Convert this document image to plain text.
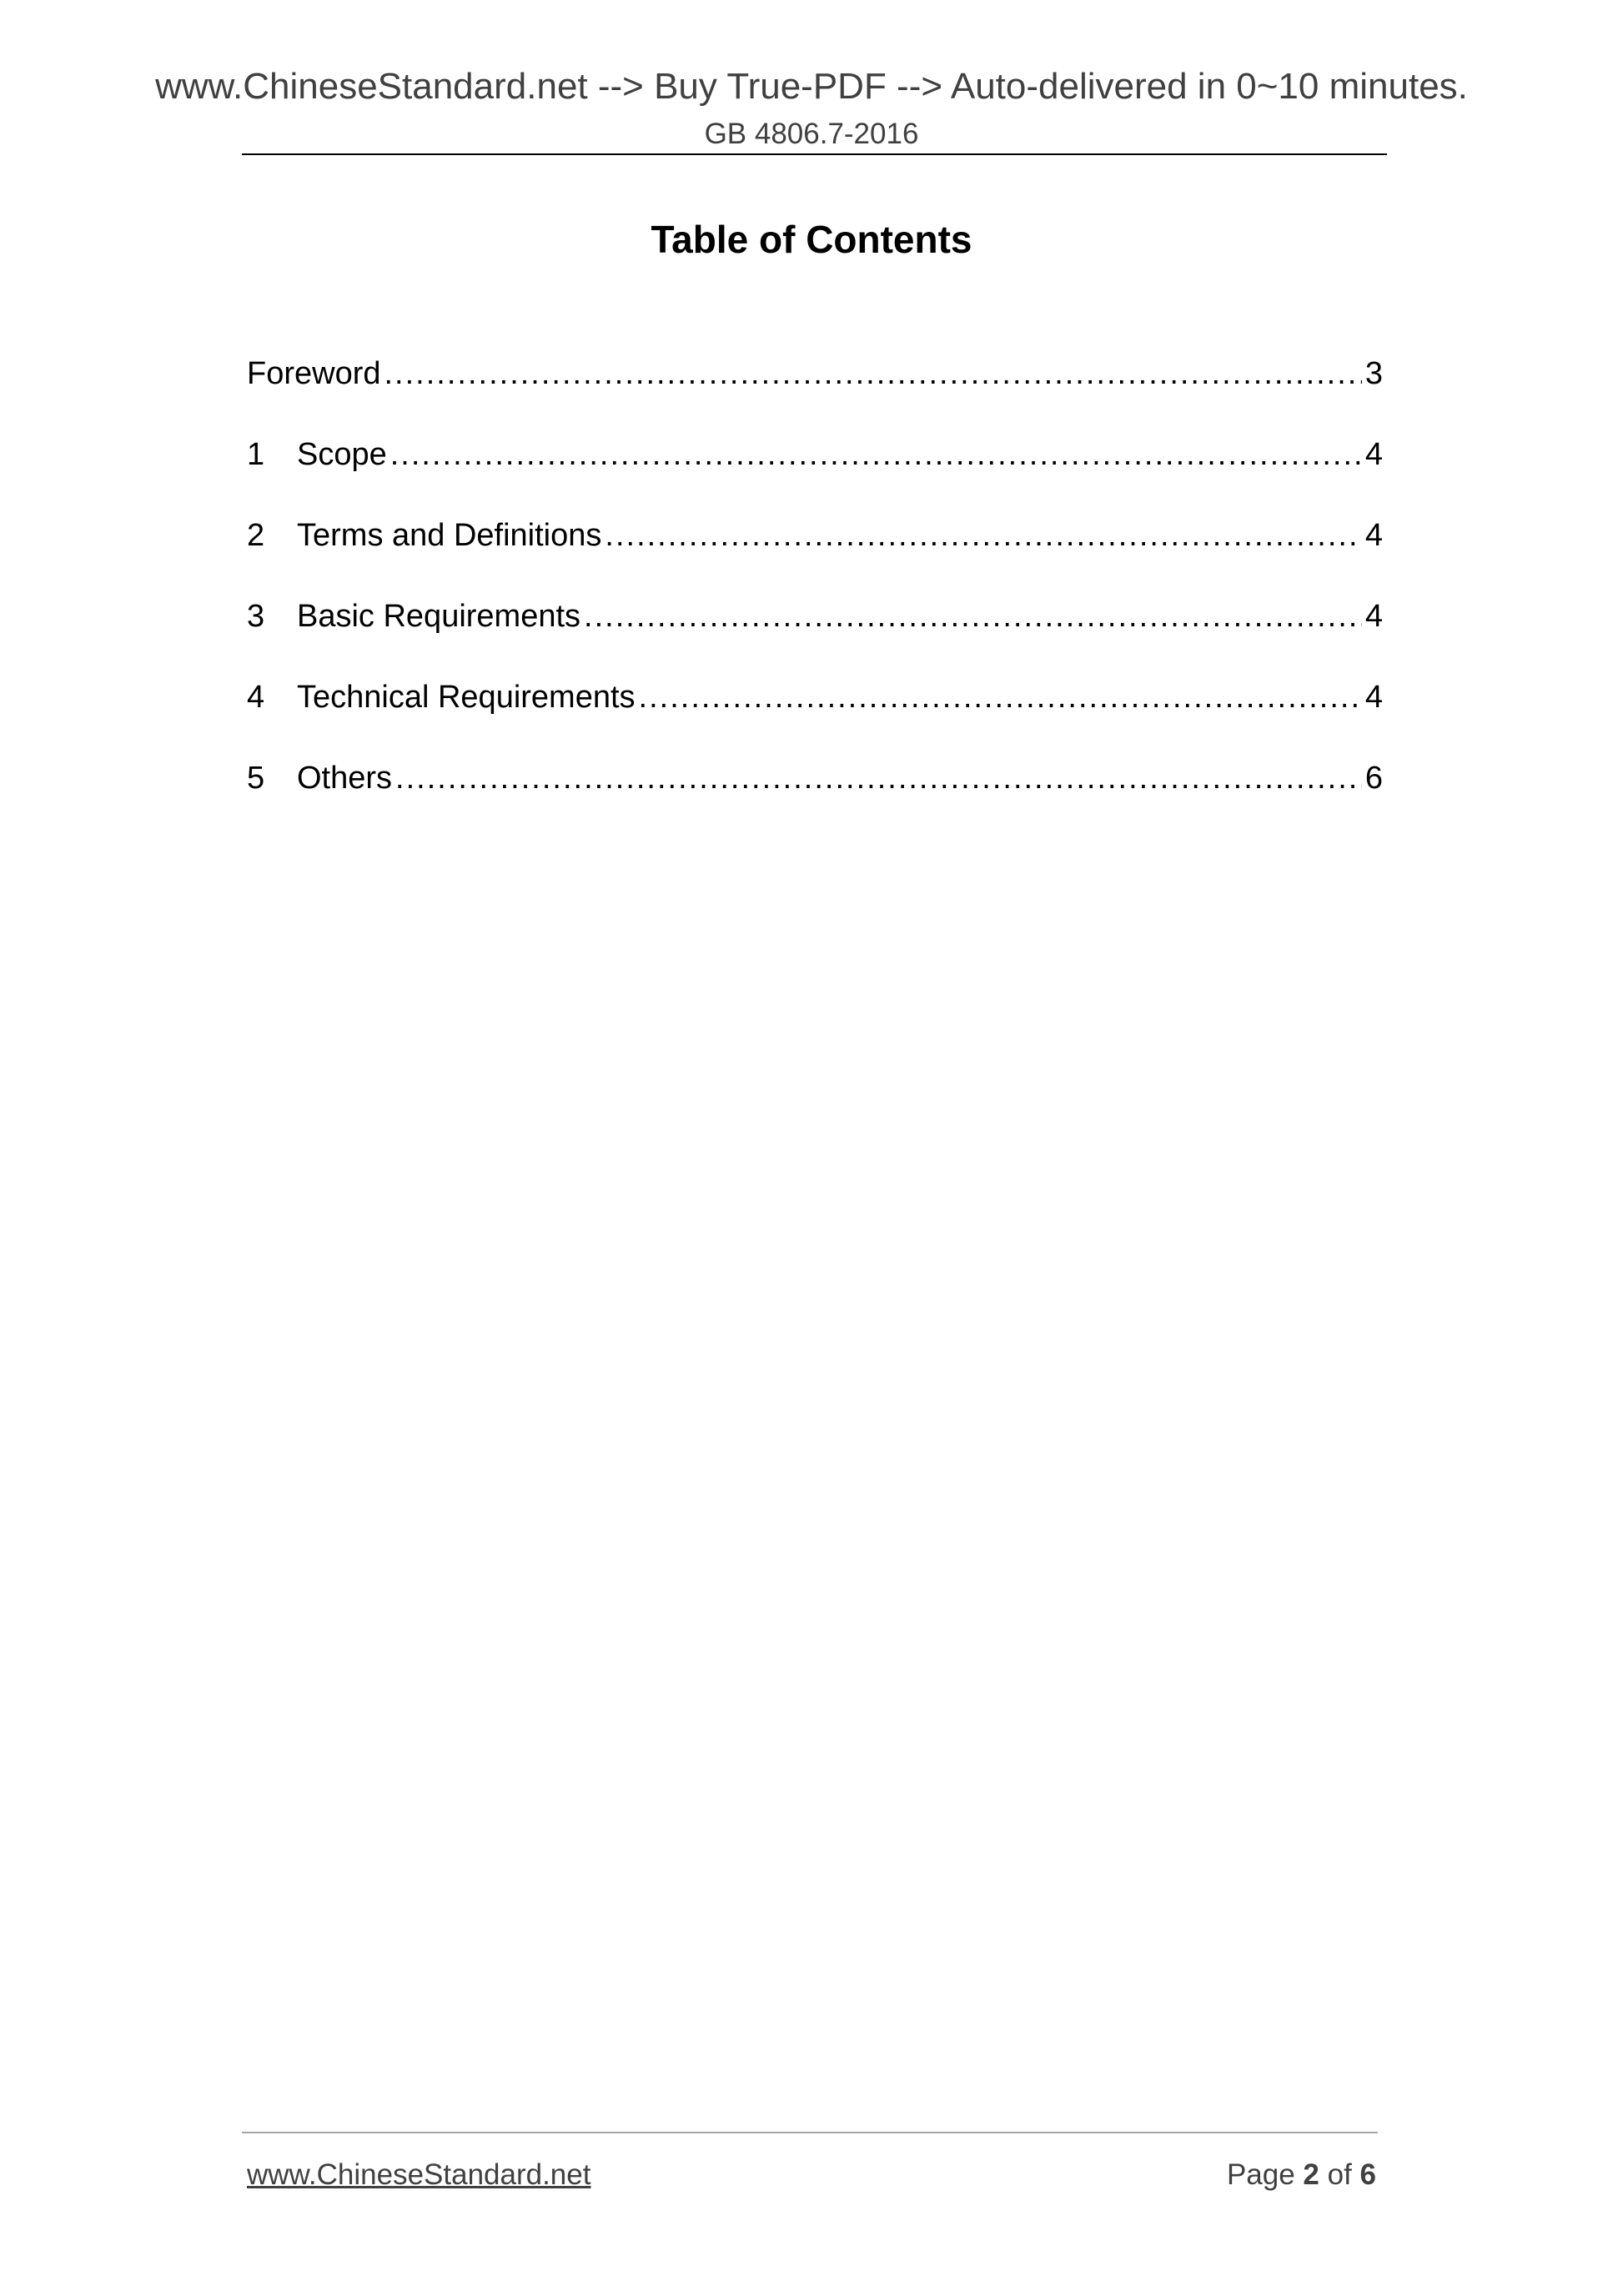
www.ChineseStandard.net --> Buy True-PDF --> Auto-delivered in 0~10 minutes.
GB 4806.7-2016
Table of Contents
Foreword .....	3
1	Scope .....	4
2	Terms and Definitions .....	4
3	Basic Requirements .....	4
4	Technical Requirements .....	4
5	Others .....	6
www.ChineseStandard.net	Page 2 of 6
